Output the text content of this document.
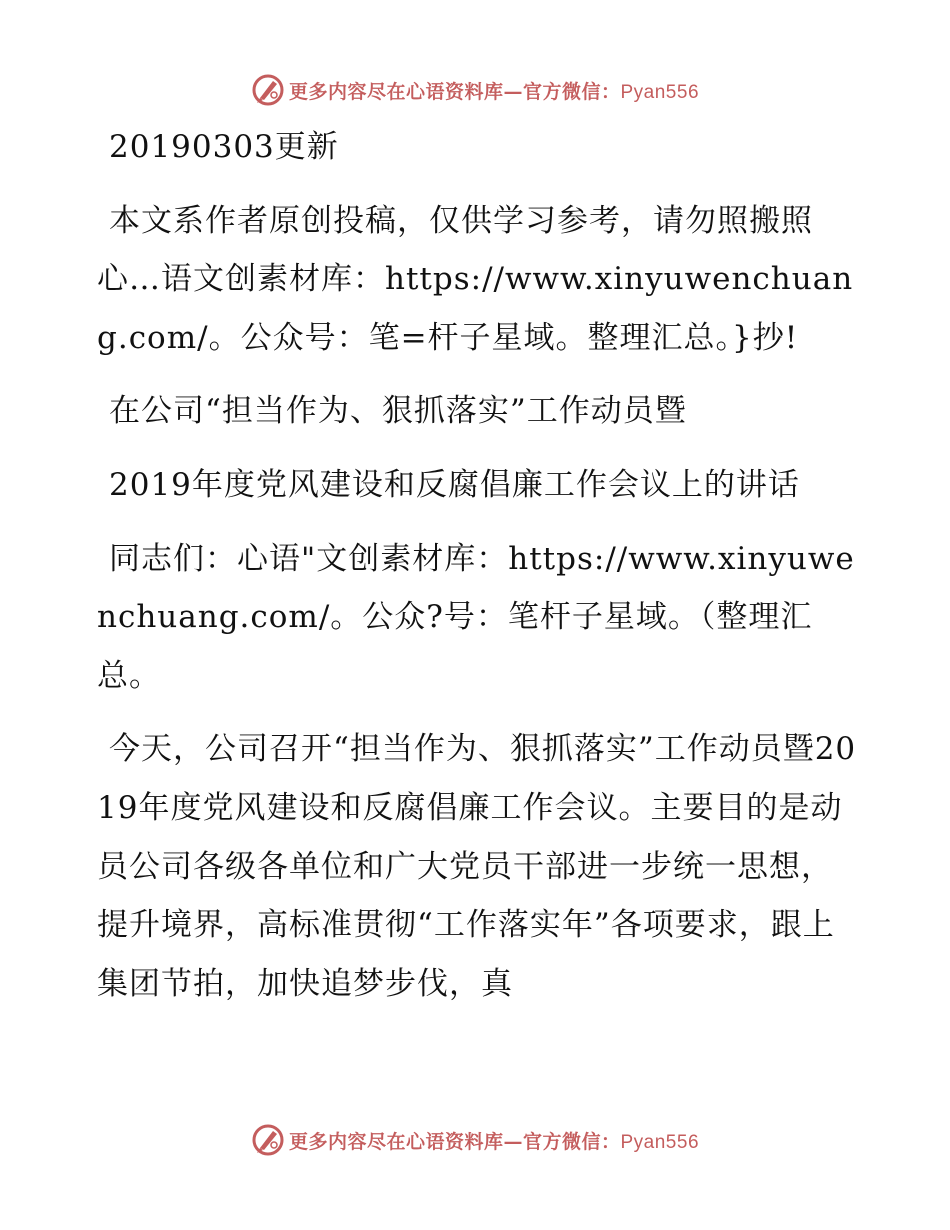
更多内容尽在心语资料库—官方微信：Pyan556

20190303更新

本文系作者原创投稿，仅供学习参考，请勿照搬照心…语文创素材库：https://www.xinyuwenchuang.com/。公众号：笔=杆子星域。整理汇总。}抄!

在公司“担当作为、狠抓落实”工作动员暨

2019年度党风建设和反腐倡廉工作会议上的讲话

同志们：心语"文创素材库：https://www.xinyuwenchuang.com/。公众?号：笔杆子星域。（整理汇总。

今天，公司召开“担当作为、狠抓落实”工作动员暨2019年度党风建设和反腐倡廉工作会议。主要目的是动员公司各级各单位和广大党员干部进一步统一思想，提升境界，高标准贯彻“工作落实年”各项要求，跟上集团节拍，加快追梦步伐，真

更多内容尽在心语资料库—官方微信：Pyan556
